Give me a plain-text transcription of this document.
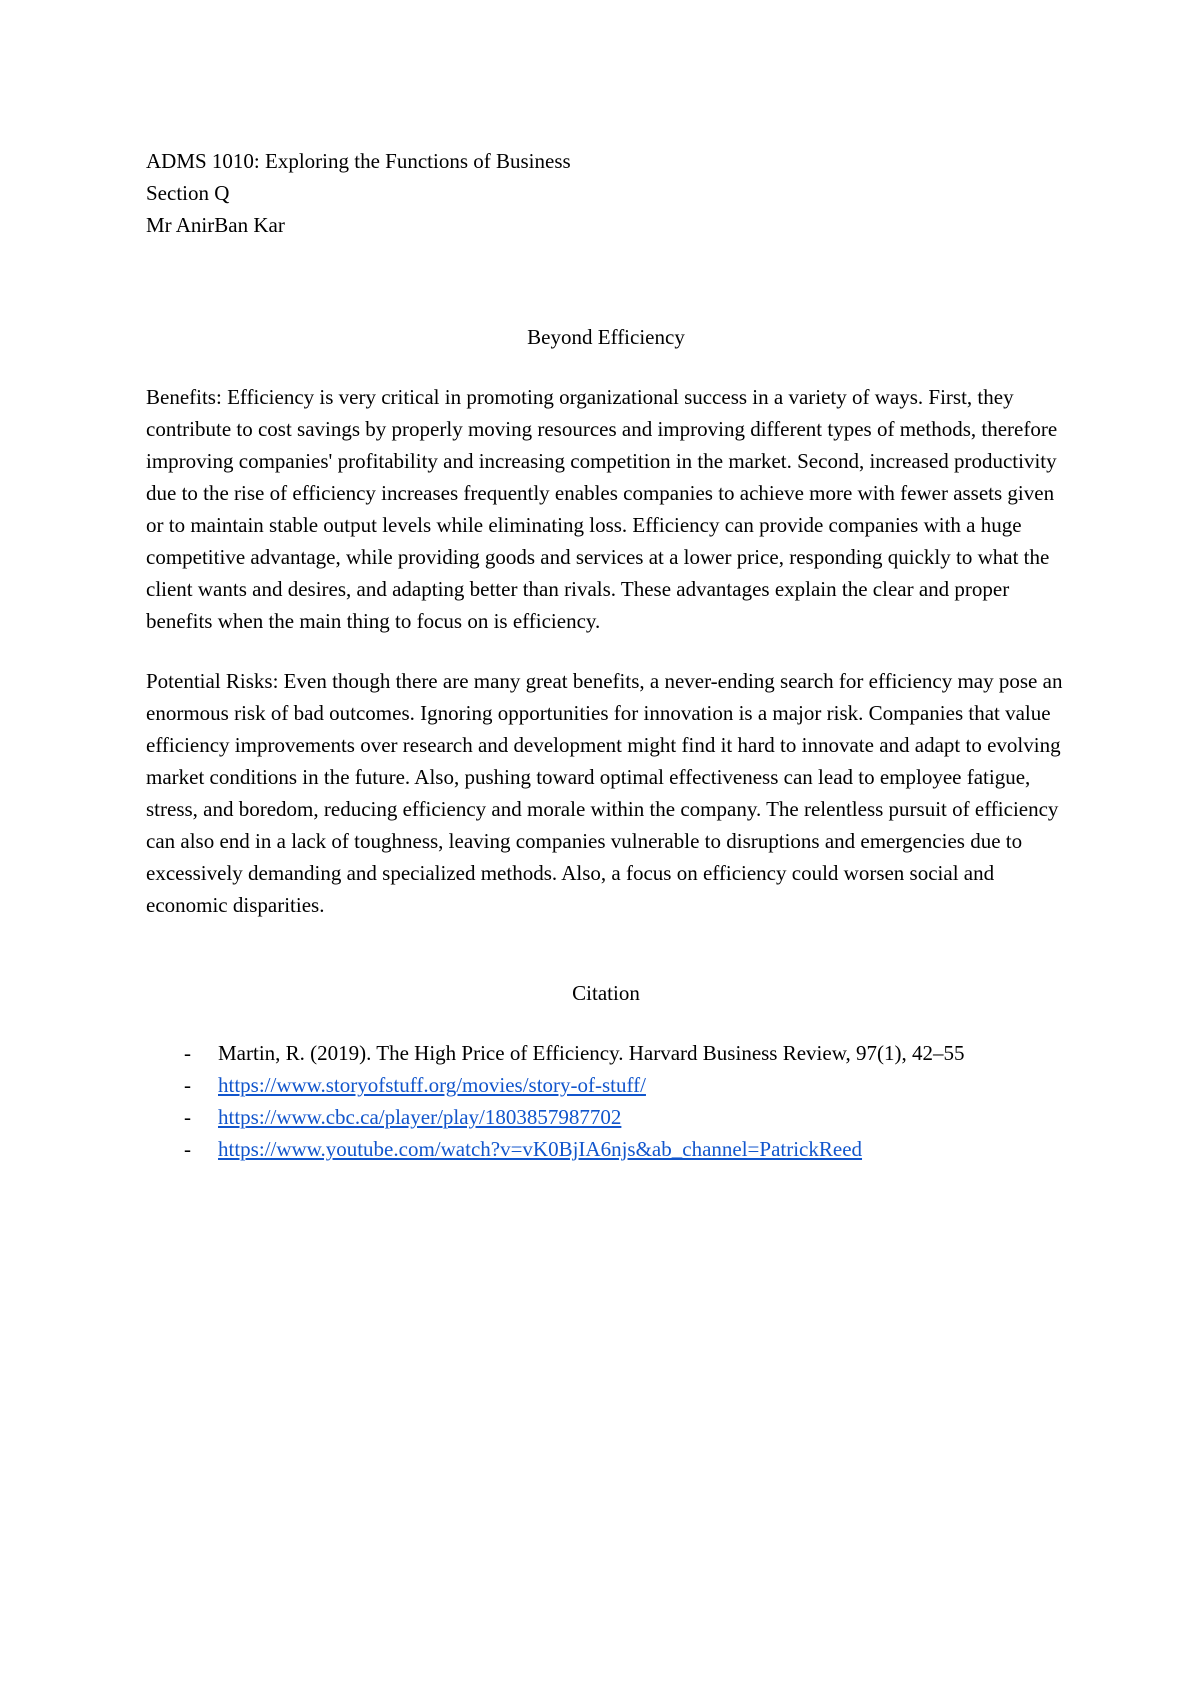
ADMS 1010: Exploring the Functions of Business

Section Q

Mr AnirBan Kar

Beyond Efficiency

Benefits: Efficiency is very critical in promoting organizational success in a variety of ways. First, they contribute to cost savings by properly moving resources and improving different types of methods, therefore improving companies' profitability and increasing competition in the market. Second, increased productivity due to the rise of efficiency increases frequently enables companies to achieve more with fewer assets given or to maintain stable output levels while eliminating loss. Efficiency can provide companies with a huge competitive advantage, while providing goods and services at a lower price, responding quickly to what the client wants and desires, and adapting better than rivals. These advantages explain the clear and proper benefits when the main thing to focus on is efficiency.

Potential Risks: Even though there are many great benefits, a never-ending search for efficiency may pose an enormous risk of bad outcomes. Ignoring opportunities for innovation is a major risk. Companies that value efficiency improvements over research and development might find it hard to innovate and adapt to evolving market conditions in the future. Also, pushing toward optimal effectiveness can lead to employee fatigue, stress, and boredom, reducing efficiency and morale within the company. The relentless pursuit of efficiency can also end in a lack of toughness, leaving companies vulnerable to disruptions and emergencies due to excessively demanding and specialized methods. Also, a focus on efficiency could worsen social and economic disparities.

Citation

- Martin, R. (2019). The High Price of Efficiency. Harvard Business Review, 97(1), 42–55
- https://www.storyofstuff.org/movies/story-of-stuff/
- https://www.cbc.ca/player/play/1803857987702
- https://www.youtube.com/watch?v=vK0BjIA6njs&ab_channel=PatrickReed
